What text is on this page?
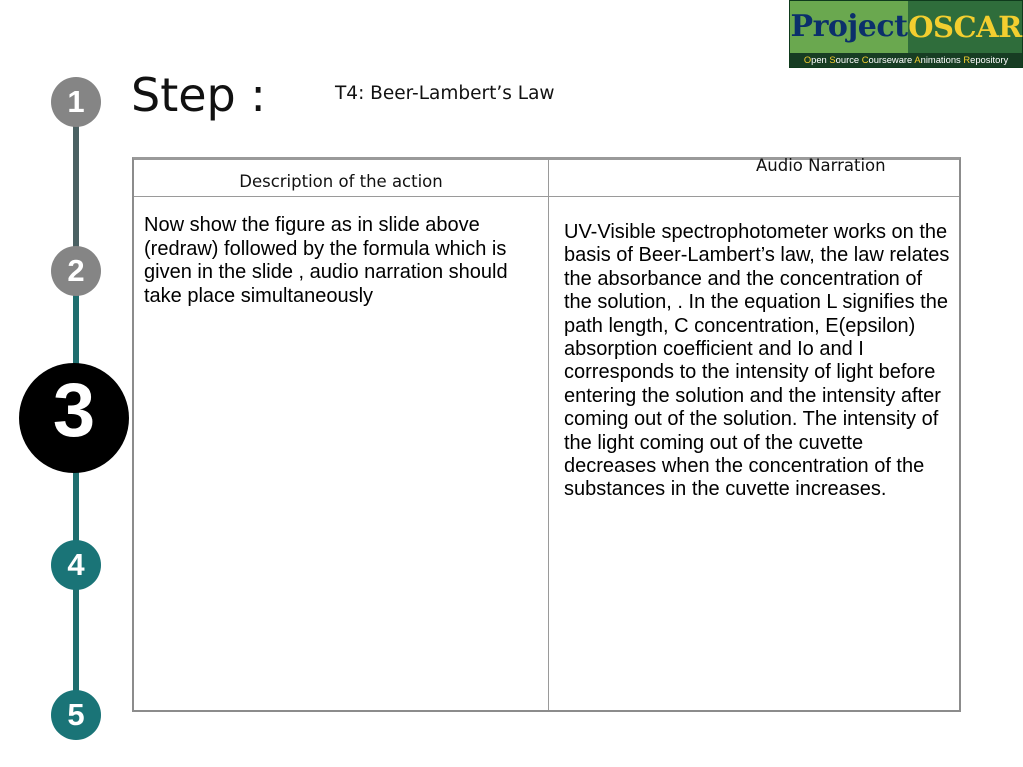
Project OSCAR
Open Source Courseware Animations Repository
1
2
3
4
5
Step :	T4: Beer-Lambert’s Law
Description of the action
Audio Narration
Now show the figure as in slide above (redraw) followed by the formula which is given in the slide , audio narration should take place simultaneously
UV-Visible spectrophotometer works on the basis of Beer-Lambert’s law, the law relates the absorbance and the concentration of the solution, . In the equation L signifies the path length, C concentration, E(epsilon) absorption coefficient and Io and I corresponds to the intensity of light before entering the solution and the intensity after coming out of the solution. The intensity of the light coming out of the cuvette decreases when the concentration of the substances in the cuvette increases.
